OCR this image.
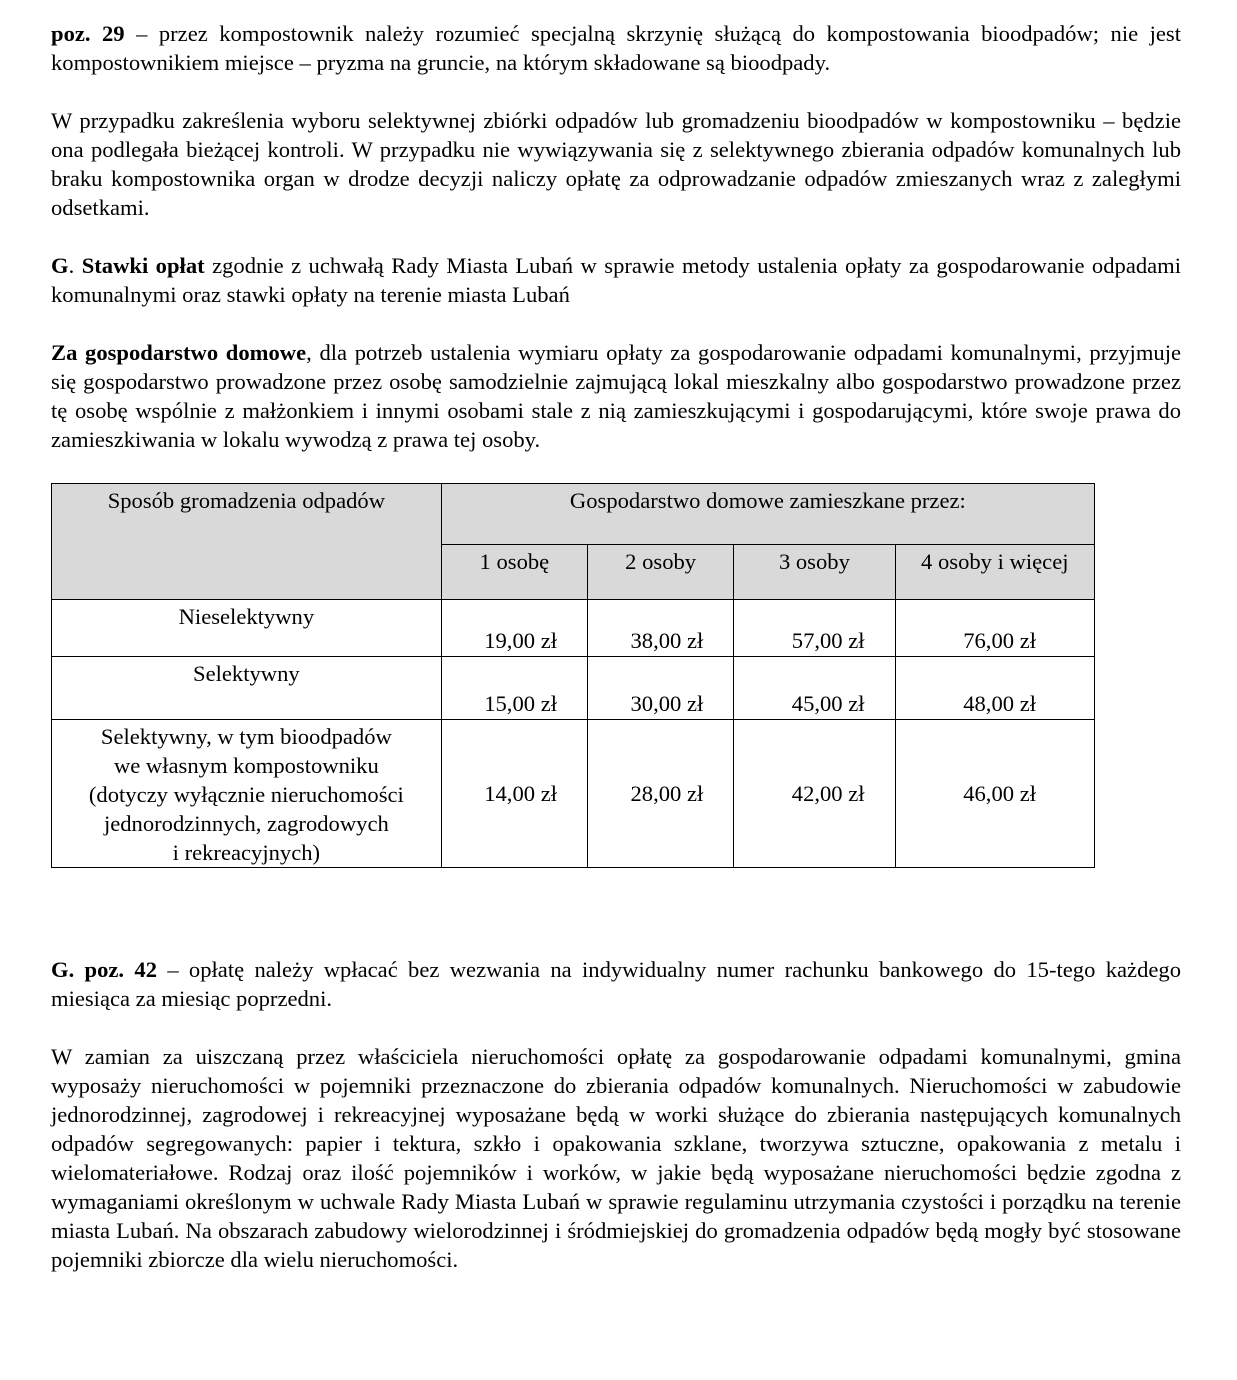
poz. 29 – przez kompostownik należy rozumieć specjalną skrzynię służącą do kompostowania bioodpadów; nie jest kompostownikiem miejsce – pryzma na gruncie, na którym składowane są bioodpady.

W przypadku zakreślenia wyboru selektywnej zbiórki odpadów lub gromadzeniu bioodpadów w kompostowniku – będzie ona podlegała bieżącej kontroli. W przypadku nie wywiązywania się z selektywnego zbierania odpadów komunalnych lub braku kompostownika organ w drodze decyzji naliczy opłatę za odprowadzanie odpadów zmieszanych wraz z zaległymi odsetkami.

G. Stawki opłat zgodnie z uchwałą Rady Miasta Lubań w sprawie metody ustalenia opłaty za gospodarowanie odpadami komunalnymi oraz stawki opłaty na terenie miasta Lubań

Za gospodarstwo domowe, dla potrzeb ustalenia wymiaru opłaty za gospodarowanie odpadami komunalnymi, przyjmuje się gospodarstwo prowadzone przez osobę samodzielnie zajmującą lokal mieszkalny albo gospodarstwo prowadzone przez tę osobę wspólnie z małżonkiem i innymi osobami stale z nią zamieszkującymi i gospodarującymi, które swoje prawa do zamieszkiwania w lokalu wywodzą z prawa tej osoby.

Sposób gromadzenia odpadów	Gospodarstwo domowe zamieszkane przez:			
	1 osobę	2 osoby	3 osoby	4 osoby i więcej
Nieselektywny	19,00 zł	38,00 zł	57,00 zł	76,00 zł
Selektywny	15,00 zł	30,00 zł	45,00 zł	48,00 zł

Selektywny, w tym bioodpadów
we własnym kompostowniku
(dotyczy wyłącznie nieruchomości
jednorodzinnych, zagrodowych
i rekreacyjnych)	14,00 zł	28,00 zł	42,00 zł	46,00 zł

G. poz. 42 – opłatę należy wpłacać bez wezwania na indywidualny numer rachunku bankowego do 15-tego każdego miesiąca za miesiąc poprzedni.

W zamian za uiszczaną przez właściciela nieruchomości opłatę za gospodarowanie odpadami komunalnymi, gmina wyposaży nieruchomości w pojemniki przeznaczone do zbierania odpadów komunalnych. Nieruchomości w zabudowie jednorodzinnej, zagrodowej i rekreacyjnej wyposażane będą w worki służące do zbierania następujących komunalnych odpadów segregowanych: papier i tektura, szkło i opakowania szklane, tworzywa sztuczne, opakowania z metalu i wielomateriałowe. Rodzaj oraz ilość pojemników i worków, w jakie będą wyposażane nieruchomości będzie zgodna z wymaganiami określonym w uchwale Rady Miasta Lubań w sprawie regulaminu utrzymania czystości i porządku na terenie miasta Lubań. Na obszarach zabudowy wielorodzinnej i śródmiejskiej do gromadzenia odpadów będą mogły być stosowane pojemniki zbiorcze dla wielu nieruchomości.
